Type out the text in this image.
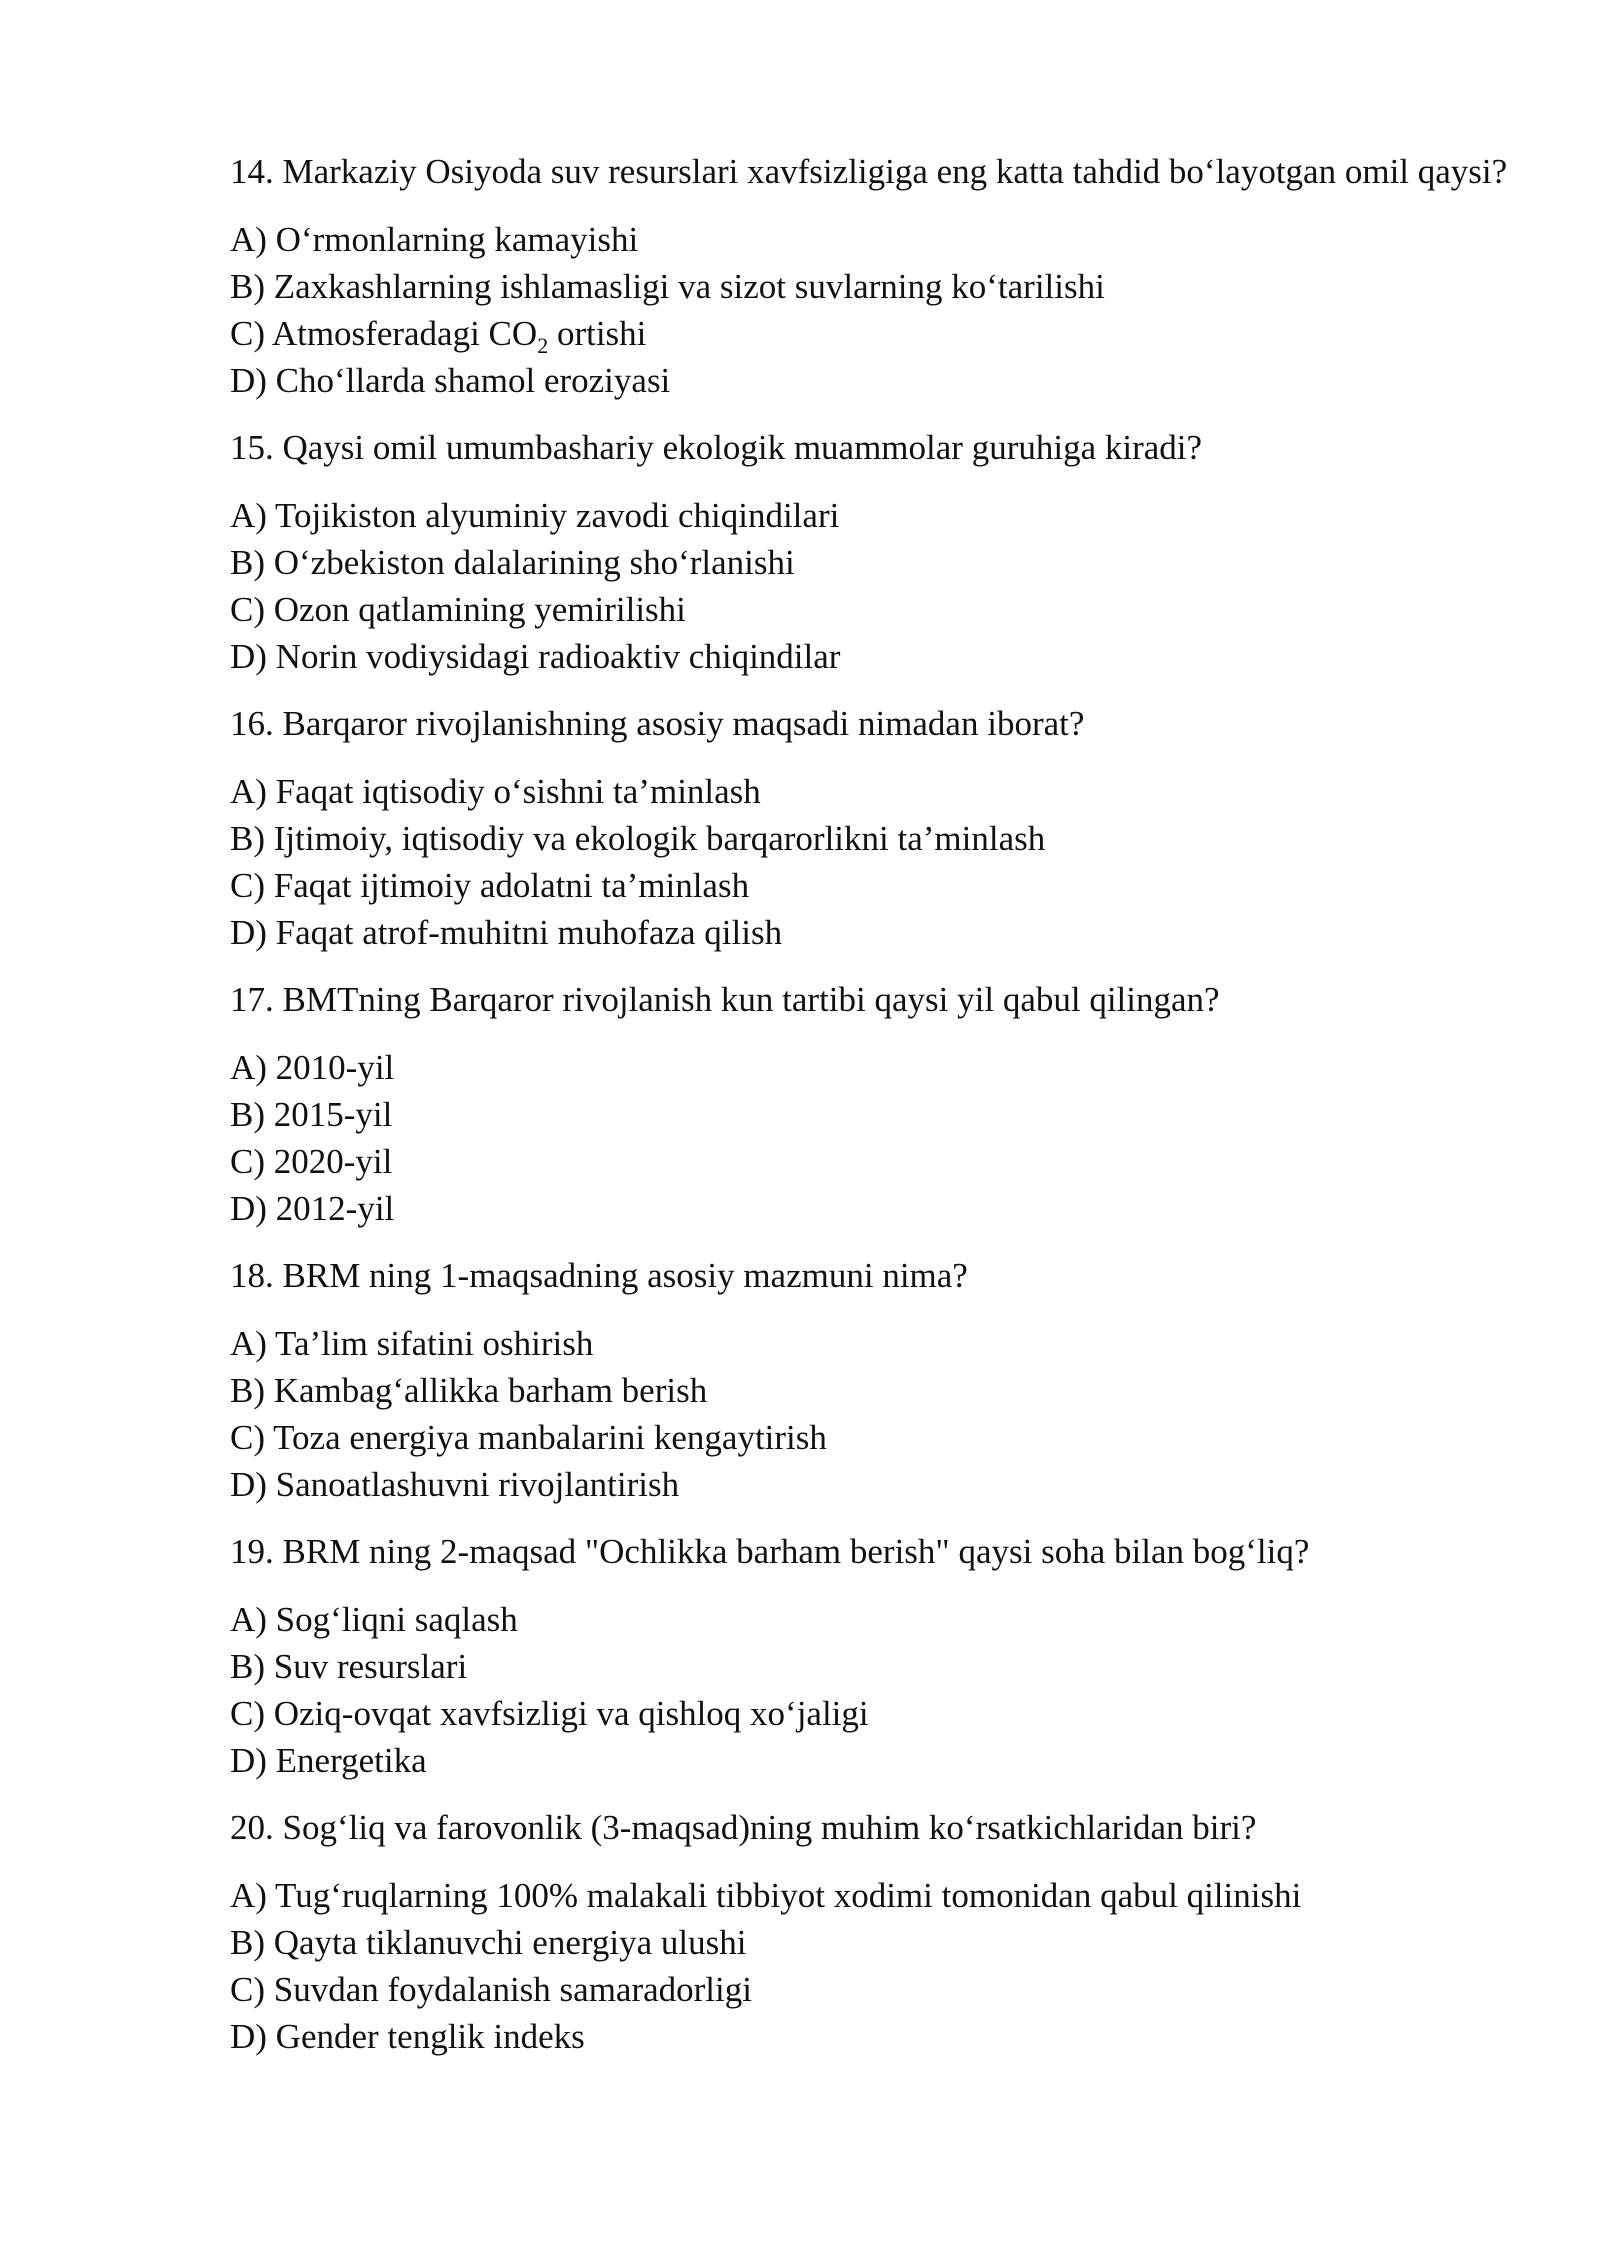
14. Markaziy Osiyoda suv resurslari xavfsizligiga eng katta tahdid bo‘layotgan omil qaysi?

A) O‘rmonlarning kamayishi

B) Zaxkashlarning ishlamasligi va sizot suvlarning ko‘tarilishi

C) Atmosferadagi $CO_2$ ortishi

D) Cho‘llarda shamol eroziyasi

15. Qaysi omil umumbashariy ekologik muammolar guruhiga kiradi?

A) Tojikiston alyuminiy zavodi chiqindilari

B) O‘zbekiston dalalarining sho‘rlanishi

C) Ozon qatlamining yemirilishi

D) Norin vodiysidagi radioaktiv chiqindilar

16. Barqaror rivojlanishning asosiy maqsadi nimadan iborat?

A) Faqat iqtisodiy o‘sishni ta’minlash

B) Ijtimoiy, iqtisodiy va ekologik barqarorlikni ta’minlash

C) Faqat ijtimoiy adolatni ta’minlash

D) Faqat atrof-muhitni muhofaza qilish

17. BMTning Barqaror rivojlanish kun tartibi qaysi yil qabul qilingan?

A) 2010-yil

B) 2015-yil

C) 2020-yil

D) 2012-yil

18. BRM ning 1-maqsadning asosiy mazmuni nima?

A) Ta’lim sifatini oshirish

B) Kambag‘allikka barham berish

C) Toza energiya manbalarini kengaytirish

D) Sanoatlashuvni rivojlantirish

19. BRM ning 2-maqsad "Ochlikka barham berish" qaysi soha bilan bog‘liq?

A) Sog‘liqni saqlash

B) Suv resurslari

C) Oziq-ovqat xavfsizligi va qishloq xo‘jaligi

D) Energetika

20. Sog‘liq va farovonlik (3-maqsad)ning muhim ko‘rsatkichlaridan biri?

A) Tug‘ruqlarning 100% malakali tibbiyot xodimi tomonidan qabul qilinishi

B) Qayta tiklanuvchi energiya ulushi

C) Suvdan foydalanish samaradorligi

D) Gender tenglik indeks
